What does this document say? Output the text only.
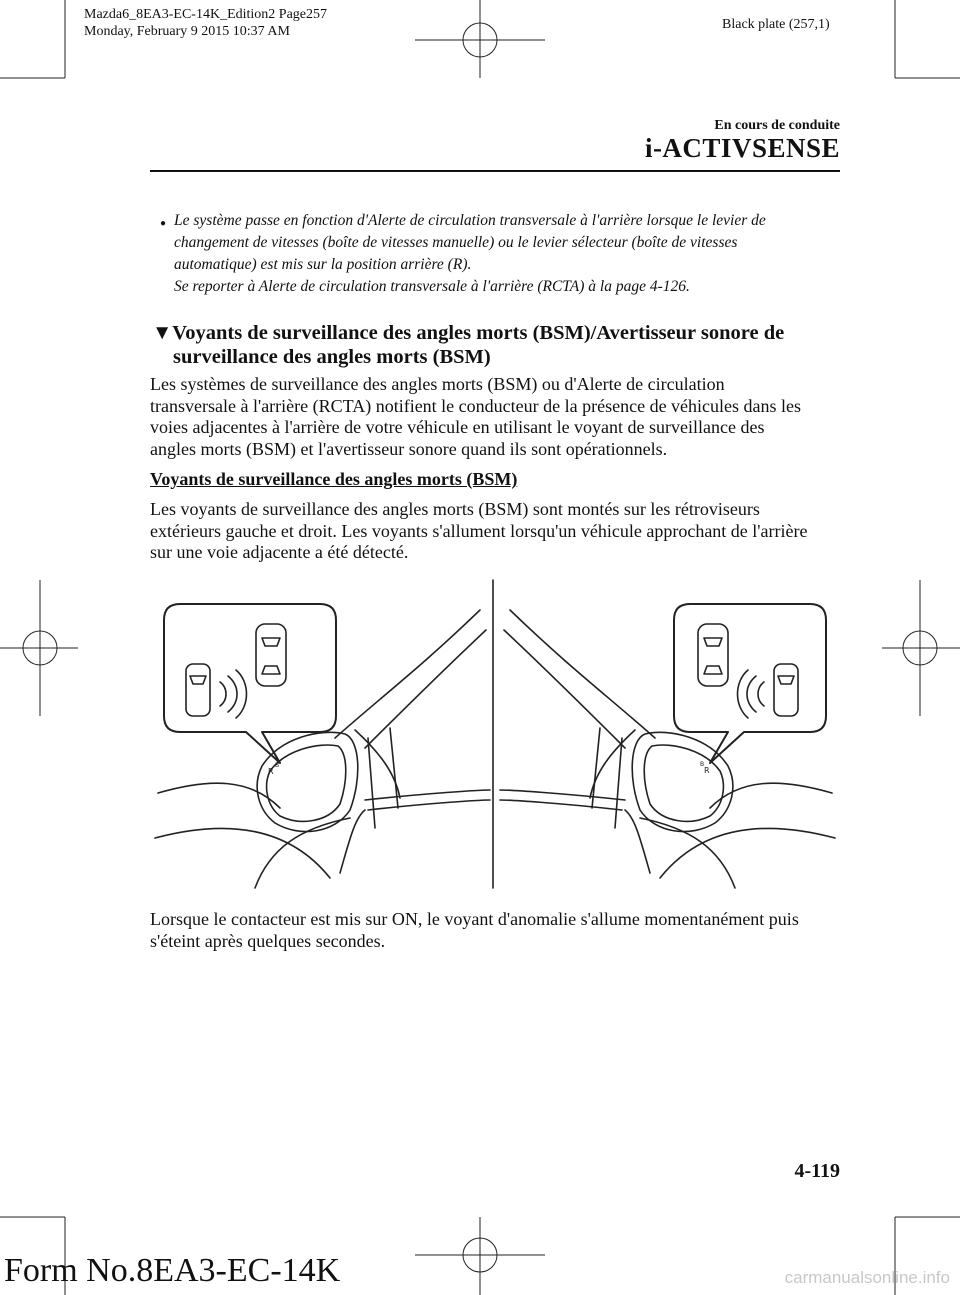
Mazda6_8EA3-EC-14K_Edition2 Page257
Monday, February 9 2015 10:37 AM	Black plate (257,1)
En cours de conduite
i-ACTIVSENSE
● Le système passe en fonction d'Alerte de circulation transversale à l'arrière lorsque le levier de
changement de vitesses (boîte de vitesses manuelle) ou le levier sélecteur (boîte de vitesses
automatique) est mis sur la position arrière (R).
Se reporter à Alerte de circulation transversale à l'arrière (RCTA) à la page 4-126.
▼Voyants de surveillance des angles morts (BSM)/Avertisseur sonore de
surveillance des angles morts (BSM)
Les systèmes de surveillance des angles morts (BSM) ou d'Alerte de circulation
transversale à l'arrière (RCTA) notifient le conducteur de la présence de véhicules dans les
voies adjacentes à l'arrière de votre véhicule en utilisant le voyant de surveillance des
angles morts (BSM) et l'avertisseur sonore quand ils sont opérationnels.
Voyants de surveillance des angles morts (BSM)
Les voyants de surveillance des angles morts (BSM) sont montés sur les rétroviseurs
extérieurs gauche et droit. Les voyants s'allument lorsqu'un véhicule approchant de l'arrière
sur une voie adjacente a été détecté.
R
B
R
B
Lorsque le contacteur est mis sur ON, le voyant d'anomalie s'allume momentanément puis
s'éteint après quelques secondes.
4-119
Form No.8EA3-EC-14K	carmanualsonline.info
